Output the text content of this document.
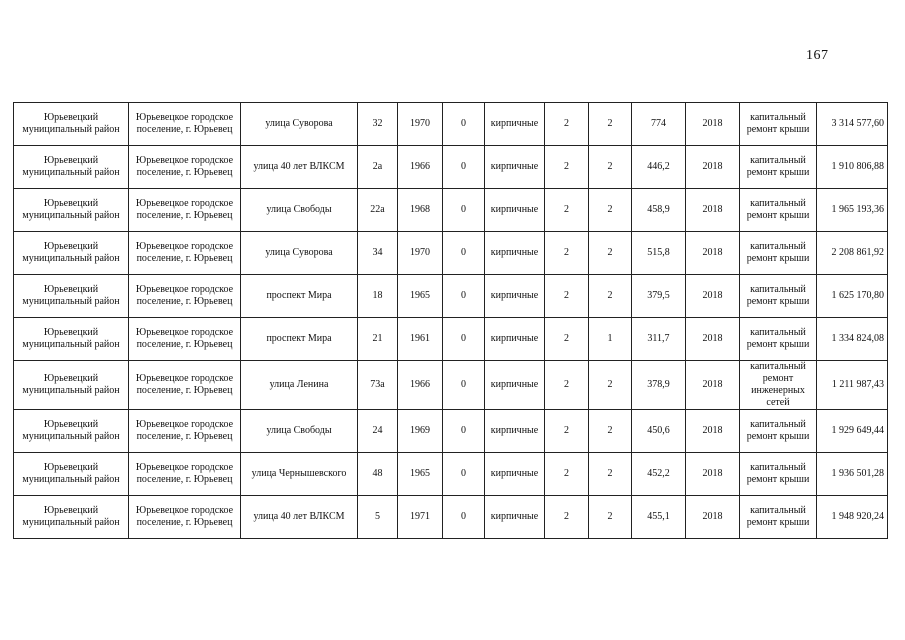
167
Юрьевецкий муниципальный район	Юрьевецкое городское поселение, г. Юрьевец	улица Суворова	32	1970	0	кирпичные	2	2	774	2018	капитальный ремонт крыши	3 314 577,60
Юрьевецкий муниципальный район	Юрьевецкое городское поселение, г. Юрьевец	улица 40 лет ВЛКСМ	2а	1966	0	кирпичные	2	2	446,2	2018	капитальный ремонт крыши	1 910 806,88
Юрьевецкий муниципальный район	Юрьевецкое городское поселение, г. Юрьевец	улица Свободы	22а	1968	0	кирпичные	2	2	458,9	2018	капитальный ремонт крыши	1 965 193,36
Юрьевецкий муниципальный район	Юрьевецкое городское поселение, г. Юрьевец	улица Суворова	34	1970	0	кирпичные	2	2	515,8	2018	капитальный ремонт крыши	2 208 861,92
Юрьевецкий муниципальный район	Юрьевецкое городское поселение, г. Юрьевец	проспект Мира	18	1965	0	кирпичные	2	2	379,5	2018	капитальный ремонт крыши	1 625 170,80
Юрьевецкий муниципальный район	Юрьевецкое городское поселение, г. Юрьевец	проспект Мира	21	1961	0	кирпичные	2	1	311,7	2018	капитальный ремонт крыши	1 334 824,08
Юрьевецкий муниципальный район	Юрьевецкое городское поселение, г. Юрьевец	улица Ленина	73а	1966	0	кирпичные	2	2	378,9	2018	капитальный ремонт инженерных сетей	1 211 987,43
Юрьевецкий муниципальный район	Юрьевецкое городское поселение, г. Юрьевец	улица Свободы	24	1969	0	кирпичные	2	2	450,6	2018	капитальный ремонт крыши	1 929 649,44
Юрьевецкий муниципальный район	Юрьевецкое городское поселение, г. Юрьевец	улица Чернышевского	48	1965	0	кирпичные	2	2	452,2	2018	капитальный ремонт крыши	1 936 501,28
Юрьевецкий муниципальный район	Юрьевецкое городское поселение, г. Юрьевец	улица 40 лет ВЛКСМ	5	1971	0	кирпичные	2	2	455,1	2018	капитальный ремонт крыши	1 948 920,24
